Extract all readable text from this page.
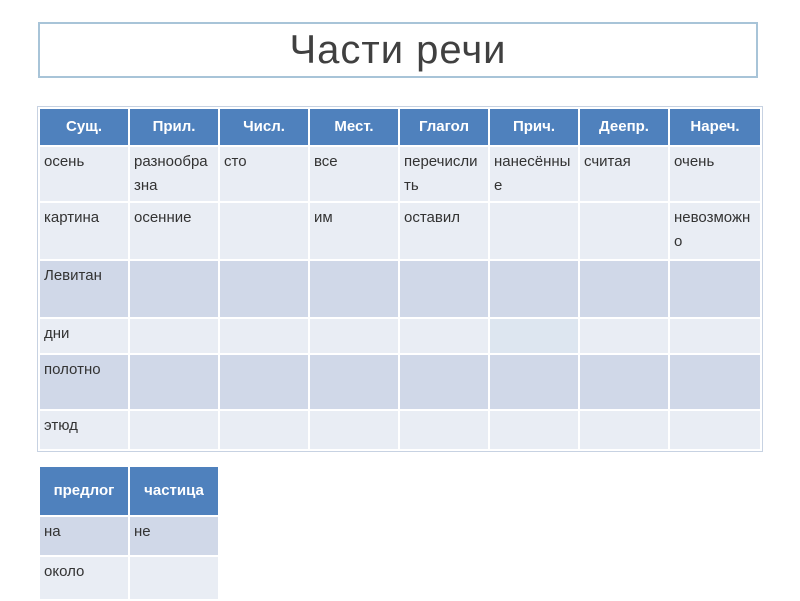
Части речи
Сущ.	Прил.	Числ.	Мест.	Глагол	Прич.	Деепр.	Нареч.
осень	разнообразна	сто	все	перечислить	нанесённые	считая	очень
картина	осенние		им	оставил			невозможно
Левитан							
дни							
полотно							
этюд							
предлог	частица
на	не
около	
